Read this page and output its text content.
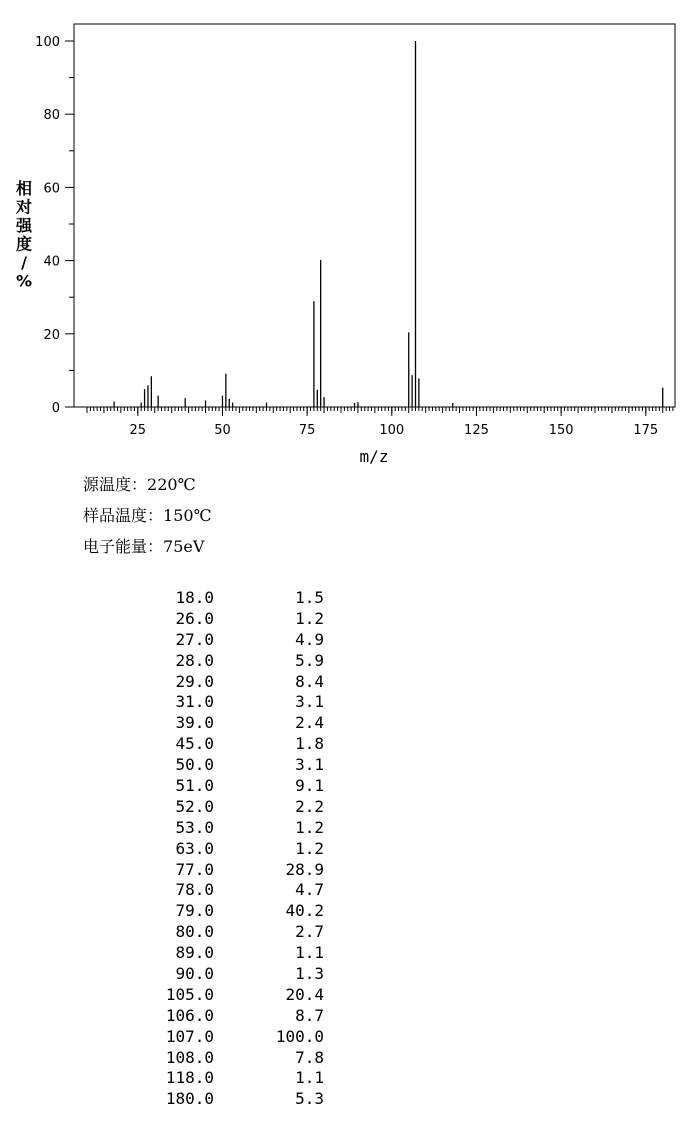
25	50	75	100	125	150	175
0
20
40
60
80
100
m/z
相对强度/ %
源温度 ： 220℃
样品温度 ： 150℃
电子能量 ： 75eV
18.0	1.5
26.0	1.2
27.0	4.9
28.0	5.9
29.0	8.4
31.0	3.1
39.0	2.4
45.0	1.8
50.0	3.1
51.0	9.1
52.0	2.2
53.0	1.2
63.0	1.2
77.0	28.9
78.0	4.7
79.0	40.2
80.0	2.7
89.0	1.1
90.0	1.3
105.0	20.4
106.0	8.7
107.0	100.0
108.0	7.8
118.0	1.1
180.0	5.3
